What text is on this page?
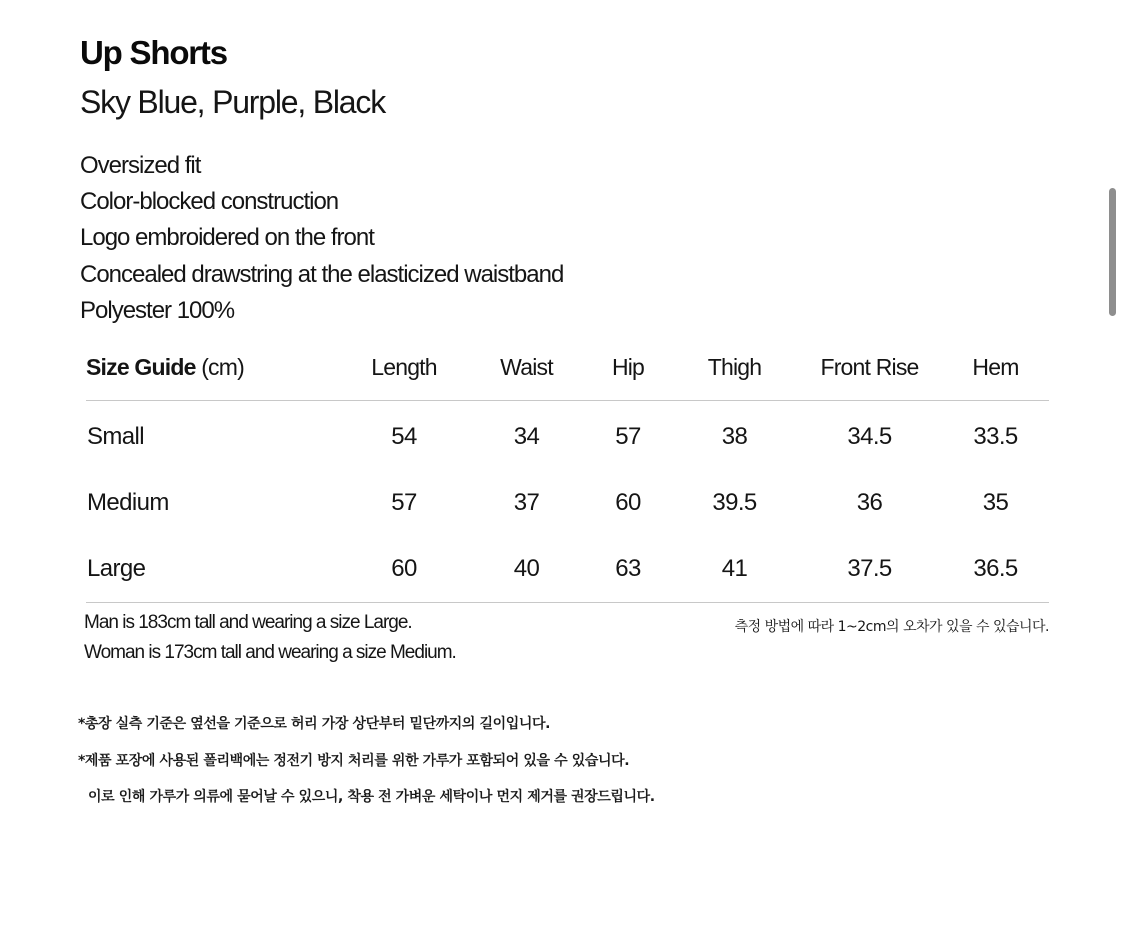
Up Shorts
Sky Blue, Purple, Black
Oversized fit
Color-blocked construction
Logo embroidered on the front
Concealed drawstring at the elasticized waistband
Polyester 100%
Size Guide (cm)	Length	Waist	Hip	Thigh	Front Rise	Hem
Small	54	34	57	38	34.5	33.5
Medium	57	37	60	39.5	36	35
Large	60	40	63	41	37.5	36.5
Man is 183cm tall and wearing a size Large.
Woman is 173cm tall and wearing a size Medium.
측정 방법에 따라 1~2cm의 오차가 있을 수 있습니다.
*총장 실측 기준은 옆선을 기준으로 허리 가장 상단부터 밑단까지의 길이입니다.
*제품 포장에 사용된 폴리백에는 정전기 방지 처리를 위한 가루가 포함되어 있을 수 있습니다.
이로 인해 가루가 의류에 묻어날 수 있으니, 착용 전 가벼운 세탁이나 먼지 제거를 권장드립니다.
